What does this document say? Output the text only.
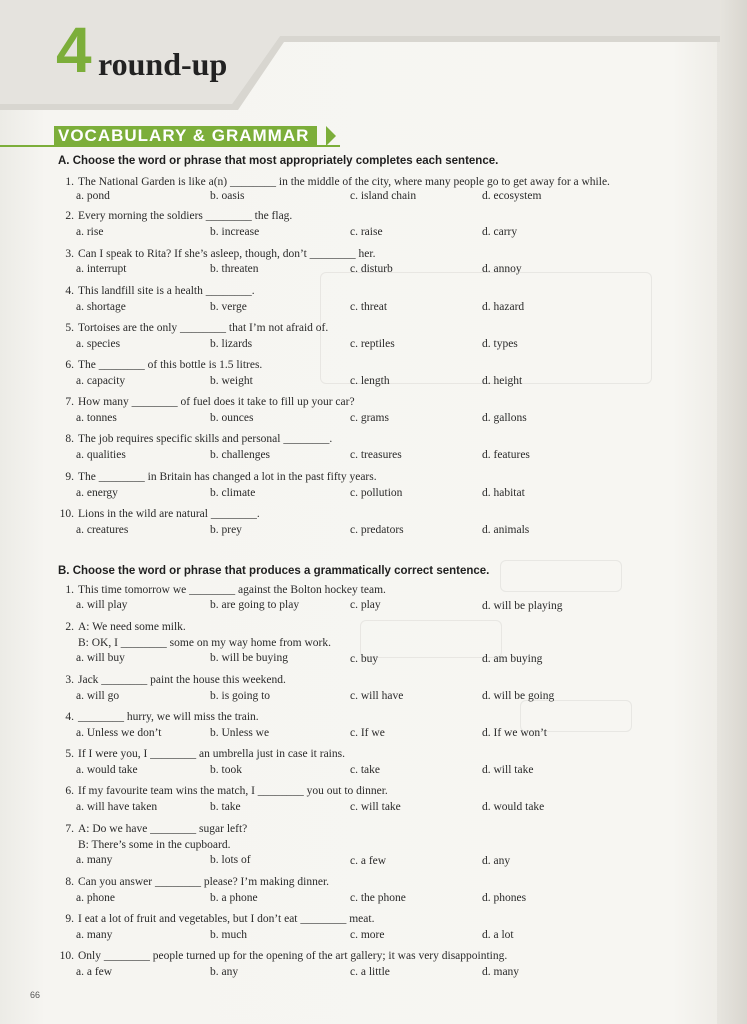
4 round-up
VOCABULARY & GRAMMAR
A. Choose the word or phrase that most appropriately completes each sentence.
1. The National Garden is like a(n) ________ in the middle of the city, where many people go to get away for a while.
a. pond	b. oasis	c. island chain	d. ecosystem
2. Every morning the soldiers ________ the flag.
a. rise	b. increase	c. raise	d. carry
3. Can I speak to Rita? If she’s asleep, though, don’t ________ her.
a. interrupt	b. threaten	c. disturb	d. annoy
4. This landfill site is a health ________.
a. shortage	b. verge	c. threat	d. hazard
5. Tortoises are the only ________ that I’m not afraid of.
a. species	b. lizards	c. reptiles	d. types
6. The ________ of this bottle is 1.5 litres.
a. capacity	b. weight	c. length	d. height
7. How many ________ of fuel does it take to fill up your car?
a. tonnes	b. ounces	c. grams	d. gallons
8. The job requires specific skills and personal ________.
a. qualities	b. challenges	c. treasures	d. features
9. The ________ in Britain has changed a lot in the past fifty years.
a. energy	b. climate	c. pollution	d. habitat
10. Lions in the wild are natural ________.
a. creatures	b. prey	c. predators	d. animals
B. Choose the word or phrase that produces a grammatically correct sentence.
1. This time tomorrow we ________ against the Bolton hockey team.
a. will play	b. are going to play	c. play	d. will be playing
2. A: We need some milk.
B: OK, I ________ some on my way home from work.
a. will buy	b. will be buying	c. buy	d. am buying
3. Jack ________ paint the house this weekend.
a. will go	b. is going to	c. will have	d. will be going
4. ________ hurry, we will miss the train.
a. Unless we don’t	b. Unless we	c. If we	d. If we won’t
5. If I were you, I ________ an umbrella just in case it rains.
a. would take	b. took	c. take	d. will take
6. If my favourite team wins the match, I ________ you out to dinner.
a. will have taken	b. take	c. will take	d. would take
7. A: Do we have ________ sugar left?
B: There’s some in the cupboard.
a. many	b. lots of	c. a few	d. any
8. Can you answer ________ please? I’m making dinner.
a. phone	b. a phone	c. the phone	d. phones
9. I eat a lot of fruit and vegetables, but I don’t eat ________ meat.
a. many	b. much	c. more	d. a lot
10. Only ________ people turned up for the opening of the art gallery; it was very disappointing.
a. a few	b. any	c. a little	d. many
66
